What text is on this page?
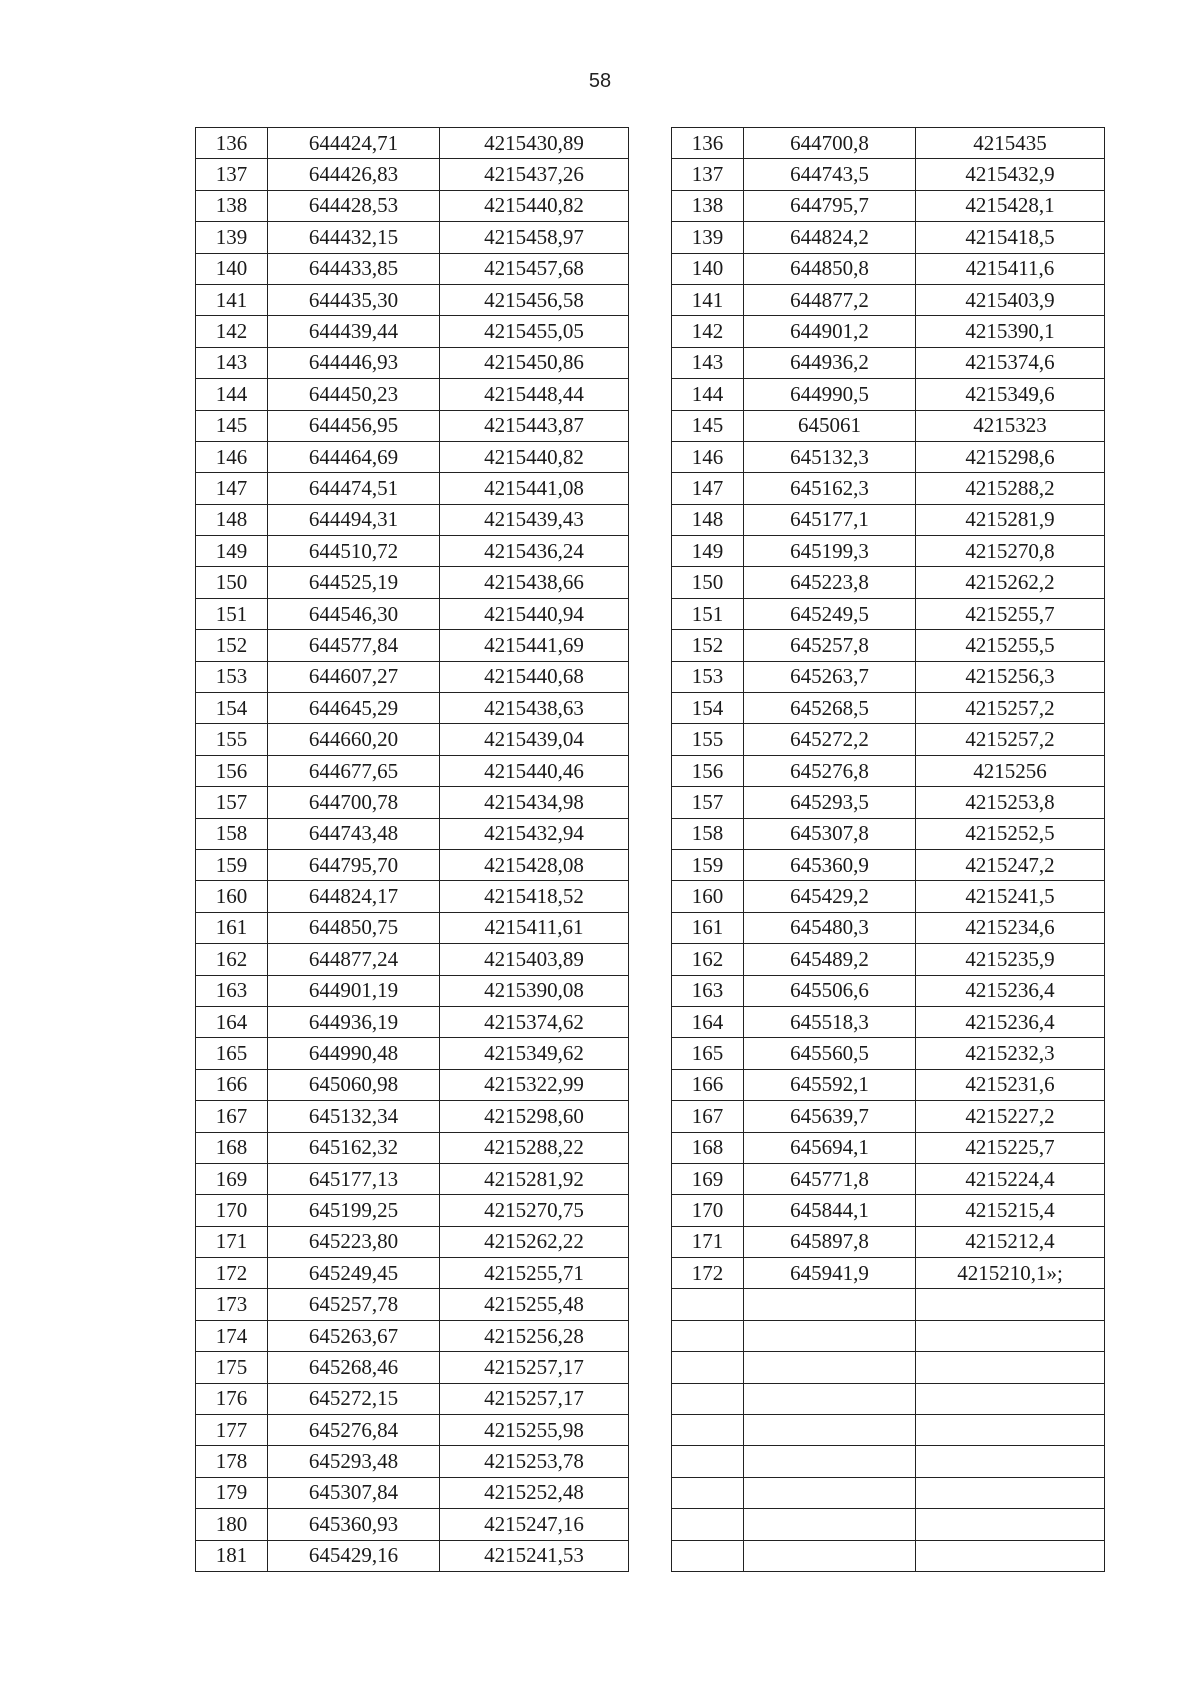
58
136	644424,71	4215430,89
137	644426,83	4215437,26
138	644428,53	4215440,82
139	644432,15	4215458,97
140	644433,85	4215457,68
141	644435,30	4215456,58
142	644439,44	4215455,05
143	644446,93	4215450,86
144	644450,23	4215448,44
145	644456,95	4215443,87
146	644464,69	4215440,82
147	644474,51	4215441,08
148	644494,31	4215439,43
149	644510,72	4215436,24
150	644525,19	4215438,66
151	644546,30	4215440,94
152	644577,84	4215441,69
153	644607,27	4215440,68
154	644645,29	4215438,63
155	644660,20	4215439,04
156	644677,65	4215440,46
157	644700,78	4215434,98
158	644743,48	4215432,94
159	644795,70	4215428,08
160	644824,17	4215418,52
161	644850,75	4215411,61
162	644877,24	4215403,89
163	644901,19	4215390,08
164	644936,19	4215374,62
165	644990,48	4215349,62
166	645060,98	4215322,99
167	645132,34	4215298,60
168	645162,32	4215288,22
169	645177,13	4215281,92
170	645199,25	4215270,75
171	645223,80	4215262,22
172	645249,45	4215255,71
173	645257,78	4215255,48
174	645263,67	4215256,28
175	645268,46	4215257,17
176	645272,15	4215257,17
177	645276,84	4215255,98
178	645293,48	4215253,78
179	645307,84	4215252,48
180	645360,93	4215247,16
181	645429,16	4215241,53
136	644700,8	4215435
137	644743,5	4215432,9
138	644795,7	4215428,1
139	644824,2	4215418,5
140	644850,8	4215411,6
141	644877,2	4215403,9
142	644901,2	4215390,1
143	644936,2	4215374,6
144	644990,5	4215349,6
145	645061	4215323
146	645132,3	4215298,6
147	645162,3	4215288,2
148	645177,1	4215281,9
149	645199,3	4215270,8
150	645223,8	4215262,2
151	645249,5	4215255,7
152	645257,8	4215255,5
153	645263,7	4215256,3
154	645268,5	4215257,2
155	645272,2	4215257,2
156	645276,8	4215256
157	645293,5	4215253,8
158	645307,8	4215252,5
159	645360,9	4215247,2
160	645429,2	4215241,5
161	645480,3	4215234,6
162	645489,2	4215235,9
163	645506,6	4215236,4
164	645518,3	4215236,4
165	645560,5	4215232,3
166	645592,1	4215231,6
167	645639,7	4215227,2
168	645694,1	4215225,7
169	645771,8	4215224,4
170	645844,1	4215215,4
171	645897,8	4215212,4
172	645941,9	4215210,1»;
